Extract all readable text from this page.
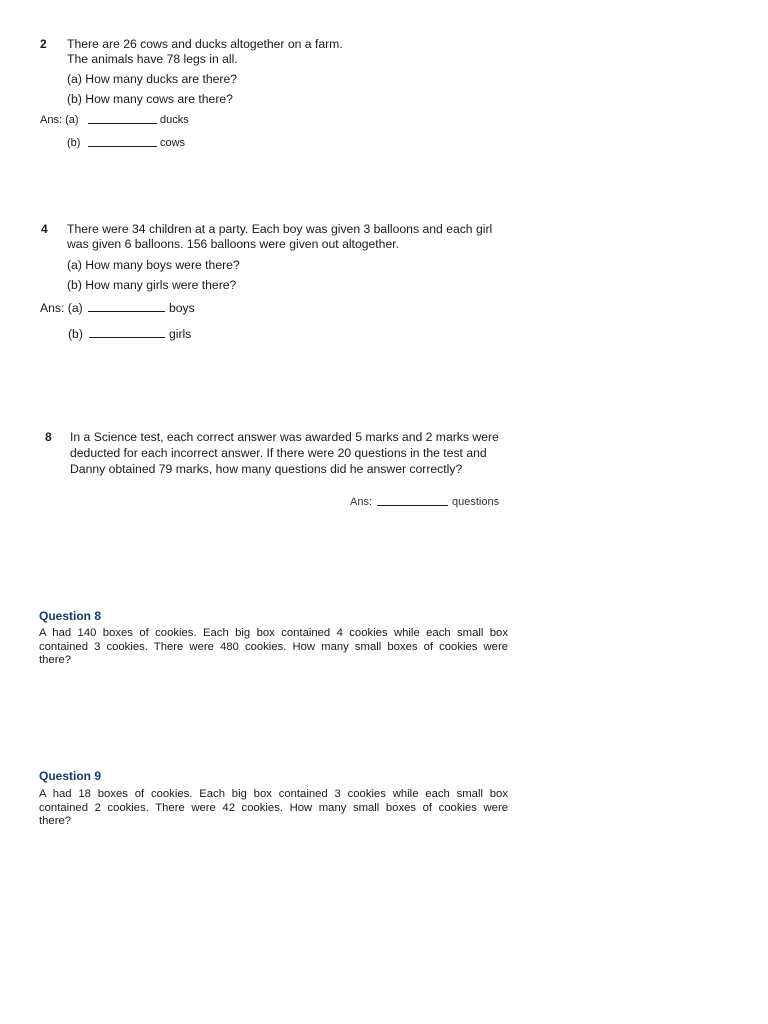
2 There are 26 cows and ducks altogether on a farm.
The animals have 78 legs in all.
(a) How many ducks are there?
(b) How many cows are there?
Ans: (a)	ducks
(b)	cows
4 There were 34 children at a party. Each boy was given 3 balloons and each girl
was given 6 balloons. 156 balloons were given out altogether.
(a) How many boys were there?
(b) How many girls were there?
Ans: (a)	boys
(b)	girls
8 In a Science test, each correct answer was awarded 5 marks and 2 marks were
deducted for each incorrect answer. If there were 20 questions in the test and
Danny obtained 79 marks, how many questions did he answer correctly?
Ans:	questions
Question 8
A had 140 boxes of cookies. Each big box contained 4 cookies while each small box
contained 3 cookies. There were 480 cookies. How many small boxes of cookies were
there?
Question 9
A had 18 boxes of cookies. Each big box contained 3 cookies while each small box
contained 2 cookies. There were 42 cookies. How many small boxes of cookies were
there?
